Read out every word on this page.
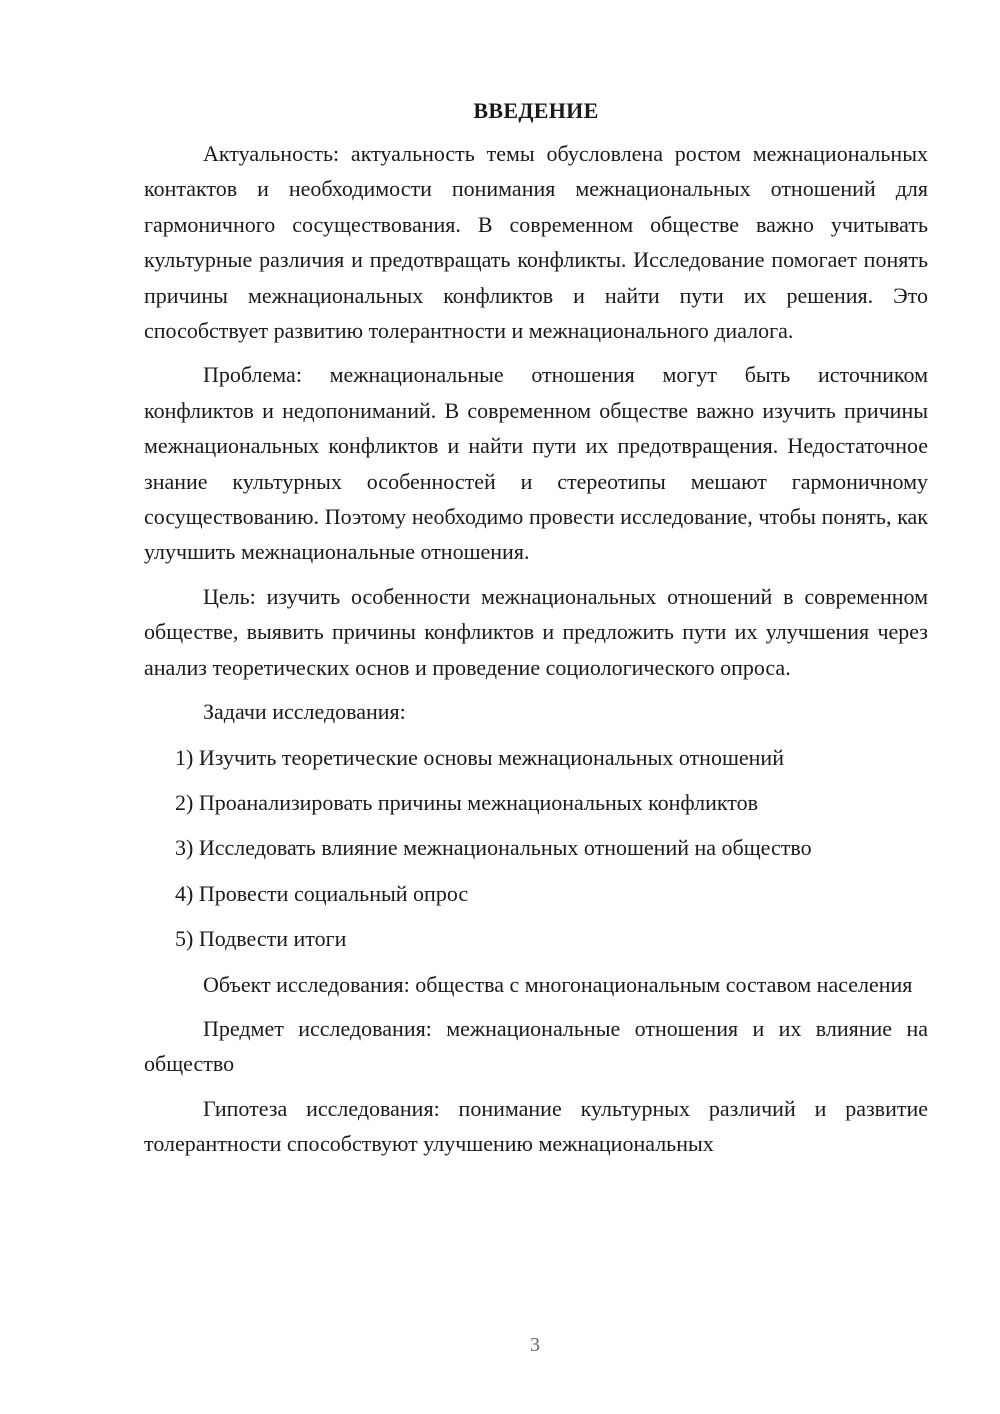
ВВЕДЕНИЕ

Актуальность: актуальность темы обусловлена ростом межнациональных контактов и необходимости понимания межнациональных отношений для гармоничного сосуществования. В современном обществе важно учитывать культурные различия и предотвращать конфликты. Исследование помогает понять причины межнациональных конфликтов и найти пути их решения. Это способствует развитию толерантности и межнационального диалога.

Проблема: межнациональные отношения могут быть источником конфликтов и недопониманий. В современном обществе важно изучить причины межнациональных конфликтов и найти пути их предотвращения. Недостаточное знание культурных особенностей и стереотипы мешают гармоничному сосуществованию. Поэтому необходимо провести исследование, чтобы понять, как улучшить межнациональные отношения.

Цель: изучить особенности межнациональных отношений в современном обществе, выявить причины конфликтов и предложить пути их улучшения через анализ теоретических основ и проведение социологического опроса.

Задачи исследования:

1) Изучить теоретические основы межнациональных отношений

2) Проанализировать причины межнациональных конфликтов

3) Исследовать влияние межнациональных отношений на общество

4) Провести социальный опрос

5) Подвести итоги

Объект исследования: общества с многонациональным составом населения

Предмет исследования: межнациональные отношения и их влияние на общество

Гипотеза исследования: понимание культурных различий и развитие толерантности способствуют улучшению межнациональных

3
